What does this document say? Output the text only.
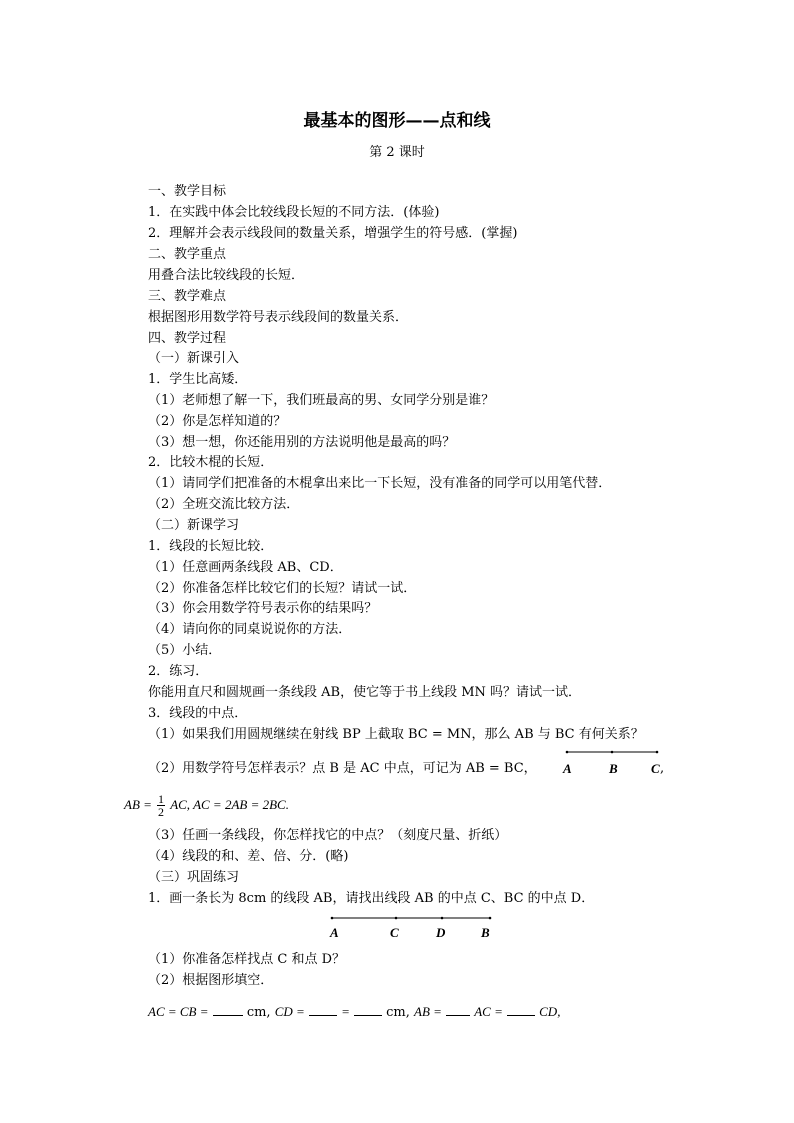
最基本的图形——点和线
第 2 课时
一、教学目标
1．在实践中体会比较线段长短的不同方法．(体验)
2．理解并会表示线段间的数量关系，增强学生的符号感．(掌握)
二、教学重点
用叠合法比较线段的长短．
三、教学难点
根据图形用数学符号表示线段间的数量关系．
四、教学过程
（一）新课引入
1．学生比高矮．
（1）老师想了解一下，我们班最高的男、女同学分别是谁？
（2）你是怎样知道的？
（3）想一想，你还能用别的方法说明他是最高的吗？
2．比较木棍的长短．
（1）请同学们把准备的木棍拿出来比一下长短，没有准备的同学可以用笔代替．
（2）全班交流比较方法．
（二）新课学习
1．线段的长短比较．
（1）任意画两条线段 AB、CD．
（2）你准备怎样比较它们的长短？请试一试．
（3）你会用数学符号表示你的结果吗？
（4）请向你的同桌说说你的方法．
（5）小结．
2．练习．
你能用直尺和圆规画一条线段 AB，使它等于书上线段 MN 吗？请试一试．
3．线段的中点．
（1）如果我们用圆规继续在射线 BP 上截取 BC = MN，那么 AB 与 BC 有何关系？
（2）用数学符号怎样表示？点 B 是 AC 中点，可记为 AB = BC， A	B	C ,
AB = $\frac{1}{2}$ AC, AC = 2AB = 2BC.
（3）任画一条线段，你怎样找它的中点？（刻度尺量、折纸）
（4）线段的和、差、倍、分．(略)
（三）巩固练习
1．画一条长为 8cm 的线段 AB，请找出线段 AB 的中点 C、BC 的中点 D．
A	C	D	B
（1）你准备怎样找点 C 和点 D？
（2）根据图形填空．
AC = CB =	cm, CD =	=	cm, AB = AC =	CD,
